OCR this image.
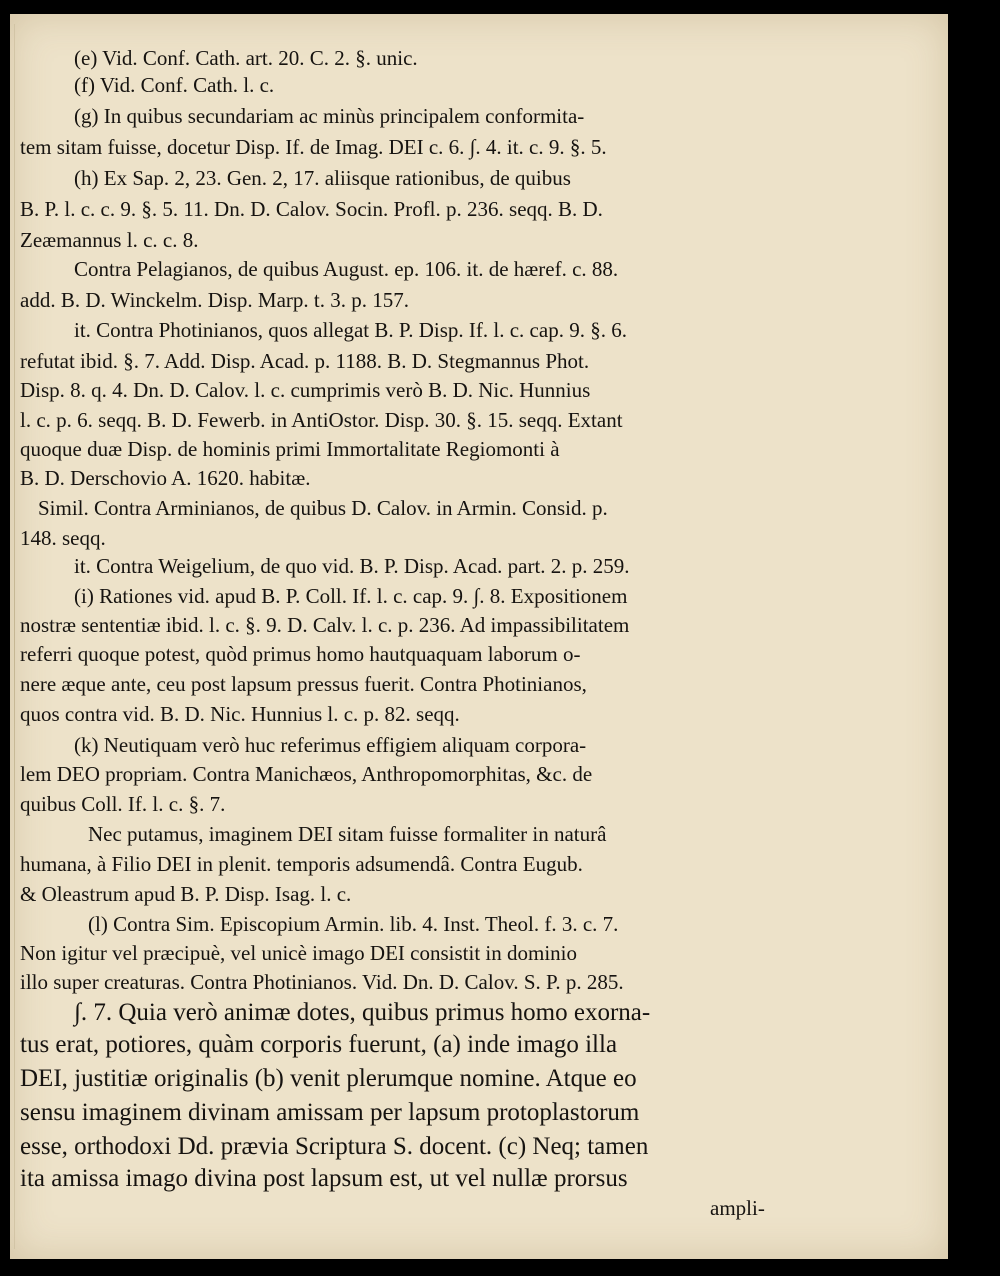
(e) Vid. Conf. Cath. art. 20. C. 2. §. unic.
(f) Vid. Conf. Cath. l. c.
(g) In quibus secundariam ac minùs principalem conformita-
tem sitam fuisse, docetur Disp. If. de Imag. DEI c. 6. ∫. 4. it. c. 9. §. 5.
(h) Ex Sap. 2, 23. Gen. 2, 17. aliisque rationibus, de quibus
B. P. l. c. c. 9. §. 5. 11. Dn. D. Calov. Socin. Profl. p. 236. seqq. B. D.
Zeæmannus l. c. c. 8.
Contra Pelagianos, de quibus August. ep. 106. it. de hæref. c. 88.
add. B. D. Winckelm. Disp. Marp. t. 3. p. 157.
it. Contra Photinianos, quos allegat B. P. Disp. If. l. c. cap. 9. §. 6.
refutat ibid. §. 7. Add. Disp. Acad. p. 1188. B. D. Stegmannus Phot.
Disp. 8. q. 4. Dn. D. Calov. l. c. cumprimis verò B. D. Nic. Hunnius
l. c. p. 6. seqq. B. D. Fewerb. in AntiOstor. Disp. 30. §. 15. seqq. Extant
quoque duæ Disp. de hominis primi Immortalitate Regiomonti à
B. D. Derschovio A. 1620. habitæ.
Simil. Contra Arminianos, de quibus D. Calov. in Armin. Consid. p.
148. seqq.
it. Contra Weigelium, de quo vid. B. P. Disp. Acad. part. 2. p. 259.
(i) Rationes vid. apud B. P. Coll. If. l. c. cap. 9. ∫. 8. Expositionem
nostræ sententiæ ibid. l. c. §. 9. D. Calv. l. c. p. 236. Ad impassibilitatem
referri quoque potest, quòd primus homo hautquaquam laborum o-
nere æque ante, ceu post lapsum pressus fuerit. Contra Photinianos,
quos contra vid. B. D. Nic. Hunnius l. c. p. 82. seqq.
(k) Neutiquam verò huc referimus effigiem aliquam corpora-
lem DEO propriam. Contra Manichæos, Anthropomorphitas, &c. de
quibus Coll. If. l. c. §. 7.
Nec putamus, imaginem DEI sitam fuisse formaliter in naturâ
humana, à Filio DEI in plenit. temporis adsumendâ. Contra Eugub.
& Oleastrum apud B. P. Disp. Isag. l. c.
(l) Contra Sim. Episcopium Armin. lib. 4. Inst. Theol. f. 3. c. 7.
Non igitur vel præcipuè, vel unicè imago DEI consistit in dominio
illo super creaturas. Contra Photinianos. Vid. Dn. D. Calov. S. P. p. 285.
∫. 7. Quia verò animæ dotes, quibus primus homo exorna-
tus erat, potiores, quàm corporis fuerunt, (a) inde imago illa
DEI, justitiæ originalis (b) venit plerumque nomine. Atque eo
sensu imaginem divinam amissam per lapsum protoplastorum
esse, orthodoxi Dd. prævia Scriptura S. docent. (c) Neq; tamen
ita amissa imago divina post lapsum est, ut vel nullæ prorsus
ampli-
